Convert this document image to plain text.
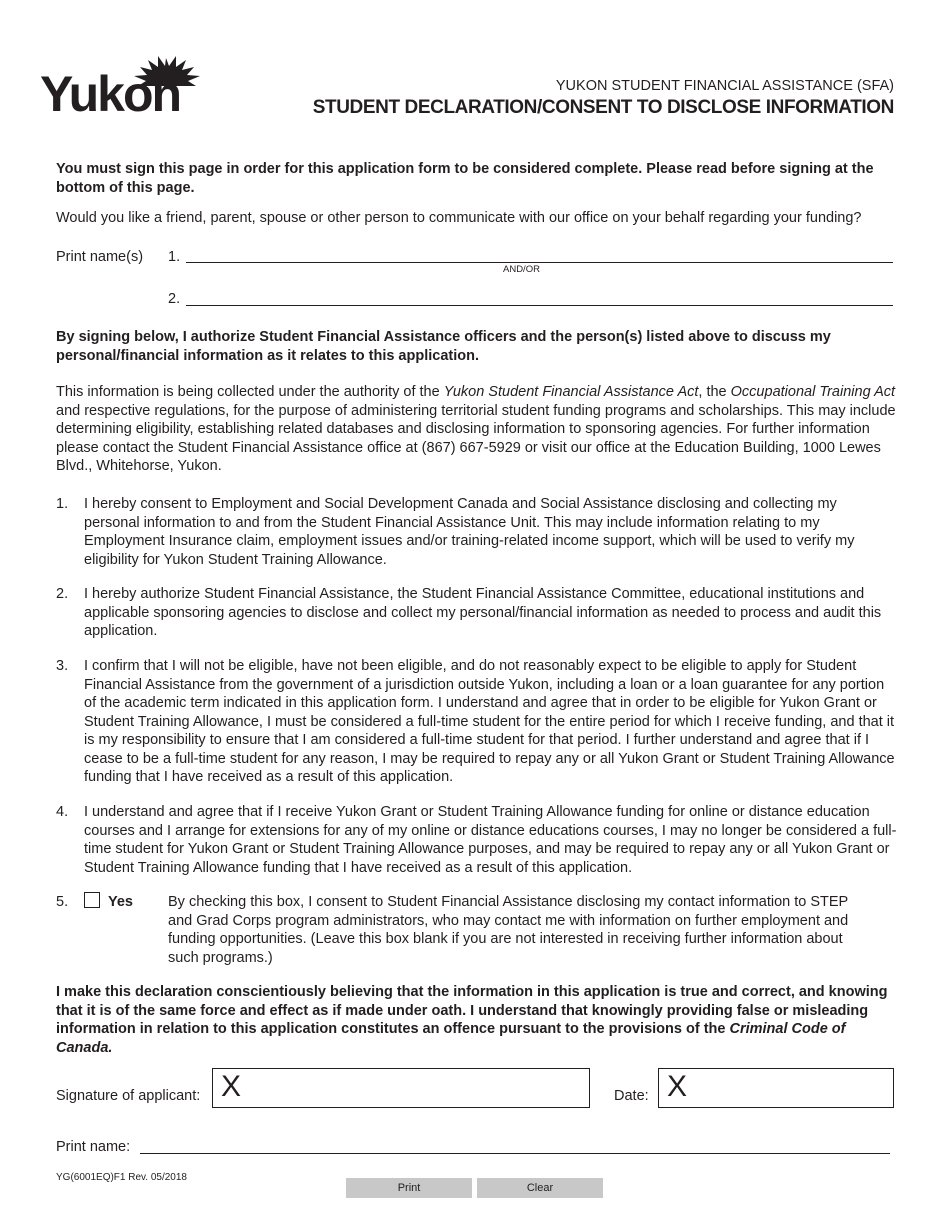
Yukon	YUKON STUDENT FINANCIAL ASSISTANCE (SFA)
STUDENT DECLARATION/CONSENT TO DISCLOSE INFORMATION
You must sign this page in order for this application form to be considered complete. Please read before signing at the bottom of this page.
Would you like a friend, parent, spouse or other person to communicate with our office on your behalf regarding your funding?
Print name(s) 1.
AND/OR
2.
By signing below, I authorize Student Financial Assistance officers and the person(s) listed above to discuss my personal/financial information as it relates to this application.
This information is being collected under the authority of the Yukon Student Financial Assistance Act, the Occupational Training Act and respective regulations, for the purpose of administering territorial student funding programs and scholarships. This may include determining eligibility, establishing related databases and disclosing information to sponsoring agencies. For further information please contact the Student Financial Assistance office at (867) 667-5929 or visit our office at the Education Building, 1000 Lewes Blvd., Whitehorse, Yukon.
1. I hereby consent to Employment and Social Development Canada and Social Assistance disclosing and collecting my personal information to and from the Student Financial Assistance Unit. This may include information relating to my Employment Insurance claim, employment issues and/or training-related income support, which will be used to verify my eligibility for Yukon Student Training Allowance.
2. I hereby authorize Student Financial Assistance, the Student Financial Assistance Committee, educational institutions and applicable sponsoring agencies to disclose and collect my personal/financial information as needed to process and audit this application.
3. I confirm that I will not be eligible, have not been eligible, and do not reasonably expect to be eligible to apply for Student Financial Assistance from the government of a jurisdiction outside Yukon, including a loan or a loan guarantee for any portion of the academic term indicated in this application form. I understand and agree that in order to be eligible for Yukon Grant or Student Training Allowance, I must be considered a full-time student for the entire period for which I receive funding, and that it is my responsibility to ensure that I am considered a full-time student for that period. I further understand and agree that if I cease to be a full-time student for any reason, I may be required to repay any or all Yukon Grant or Student Training Allowance funding that I have received as a result of this application.
4. I understand and agree that if I receive Yukon Grant or Student Training Allowance funding for online or distance education courses and I arrange for extensions for any of my online or distance educations courses, I may no longer be considered a full-time student for Yukon Grant or Student Training Allowance purposes, and may be required to repay any or all Yukon Grant or Student Training Allowance funding that I have received as a result of this application.
5.	Yes By checking this box, I consent to Student Financial Assistance disclosing my contact information to STEP and Grad Corps program administrators, who may contact me with information on further employment and funding opportunities. (Leave this box blank if you are not interested in receiving further information about such programs.)
I make this declaration conscientiously believing that the information in this application is true and correct, and knowing that it is of the same force and effect as if made under oath. I understand that knowingly providing false or misleading information in relation to this application constitutes an offence pursuant to the provisions of the Criminal Code of Canada.
Signature of applicant: X	Date: X
Print name:
YG(6001EQ)F1 Rev. 05/2018
Print	Clear
